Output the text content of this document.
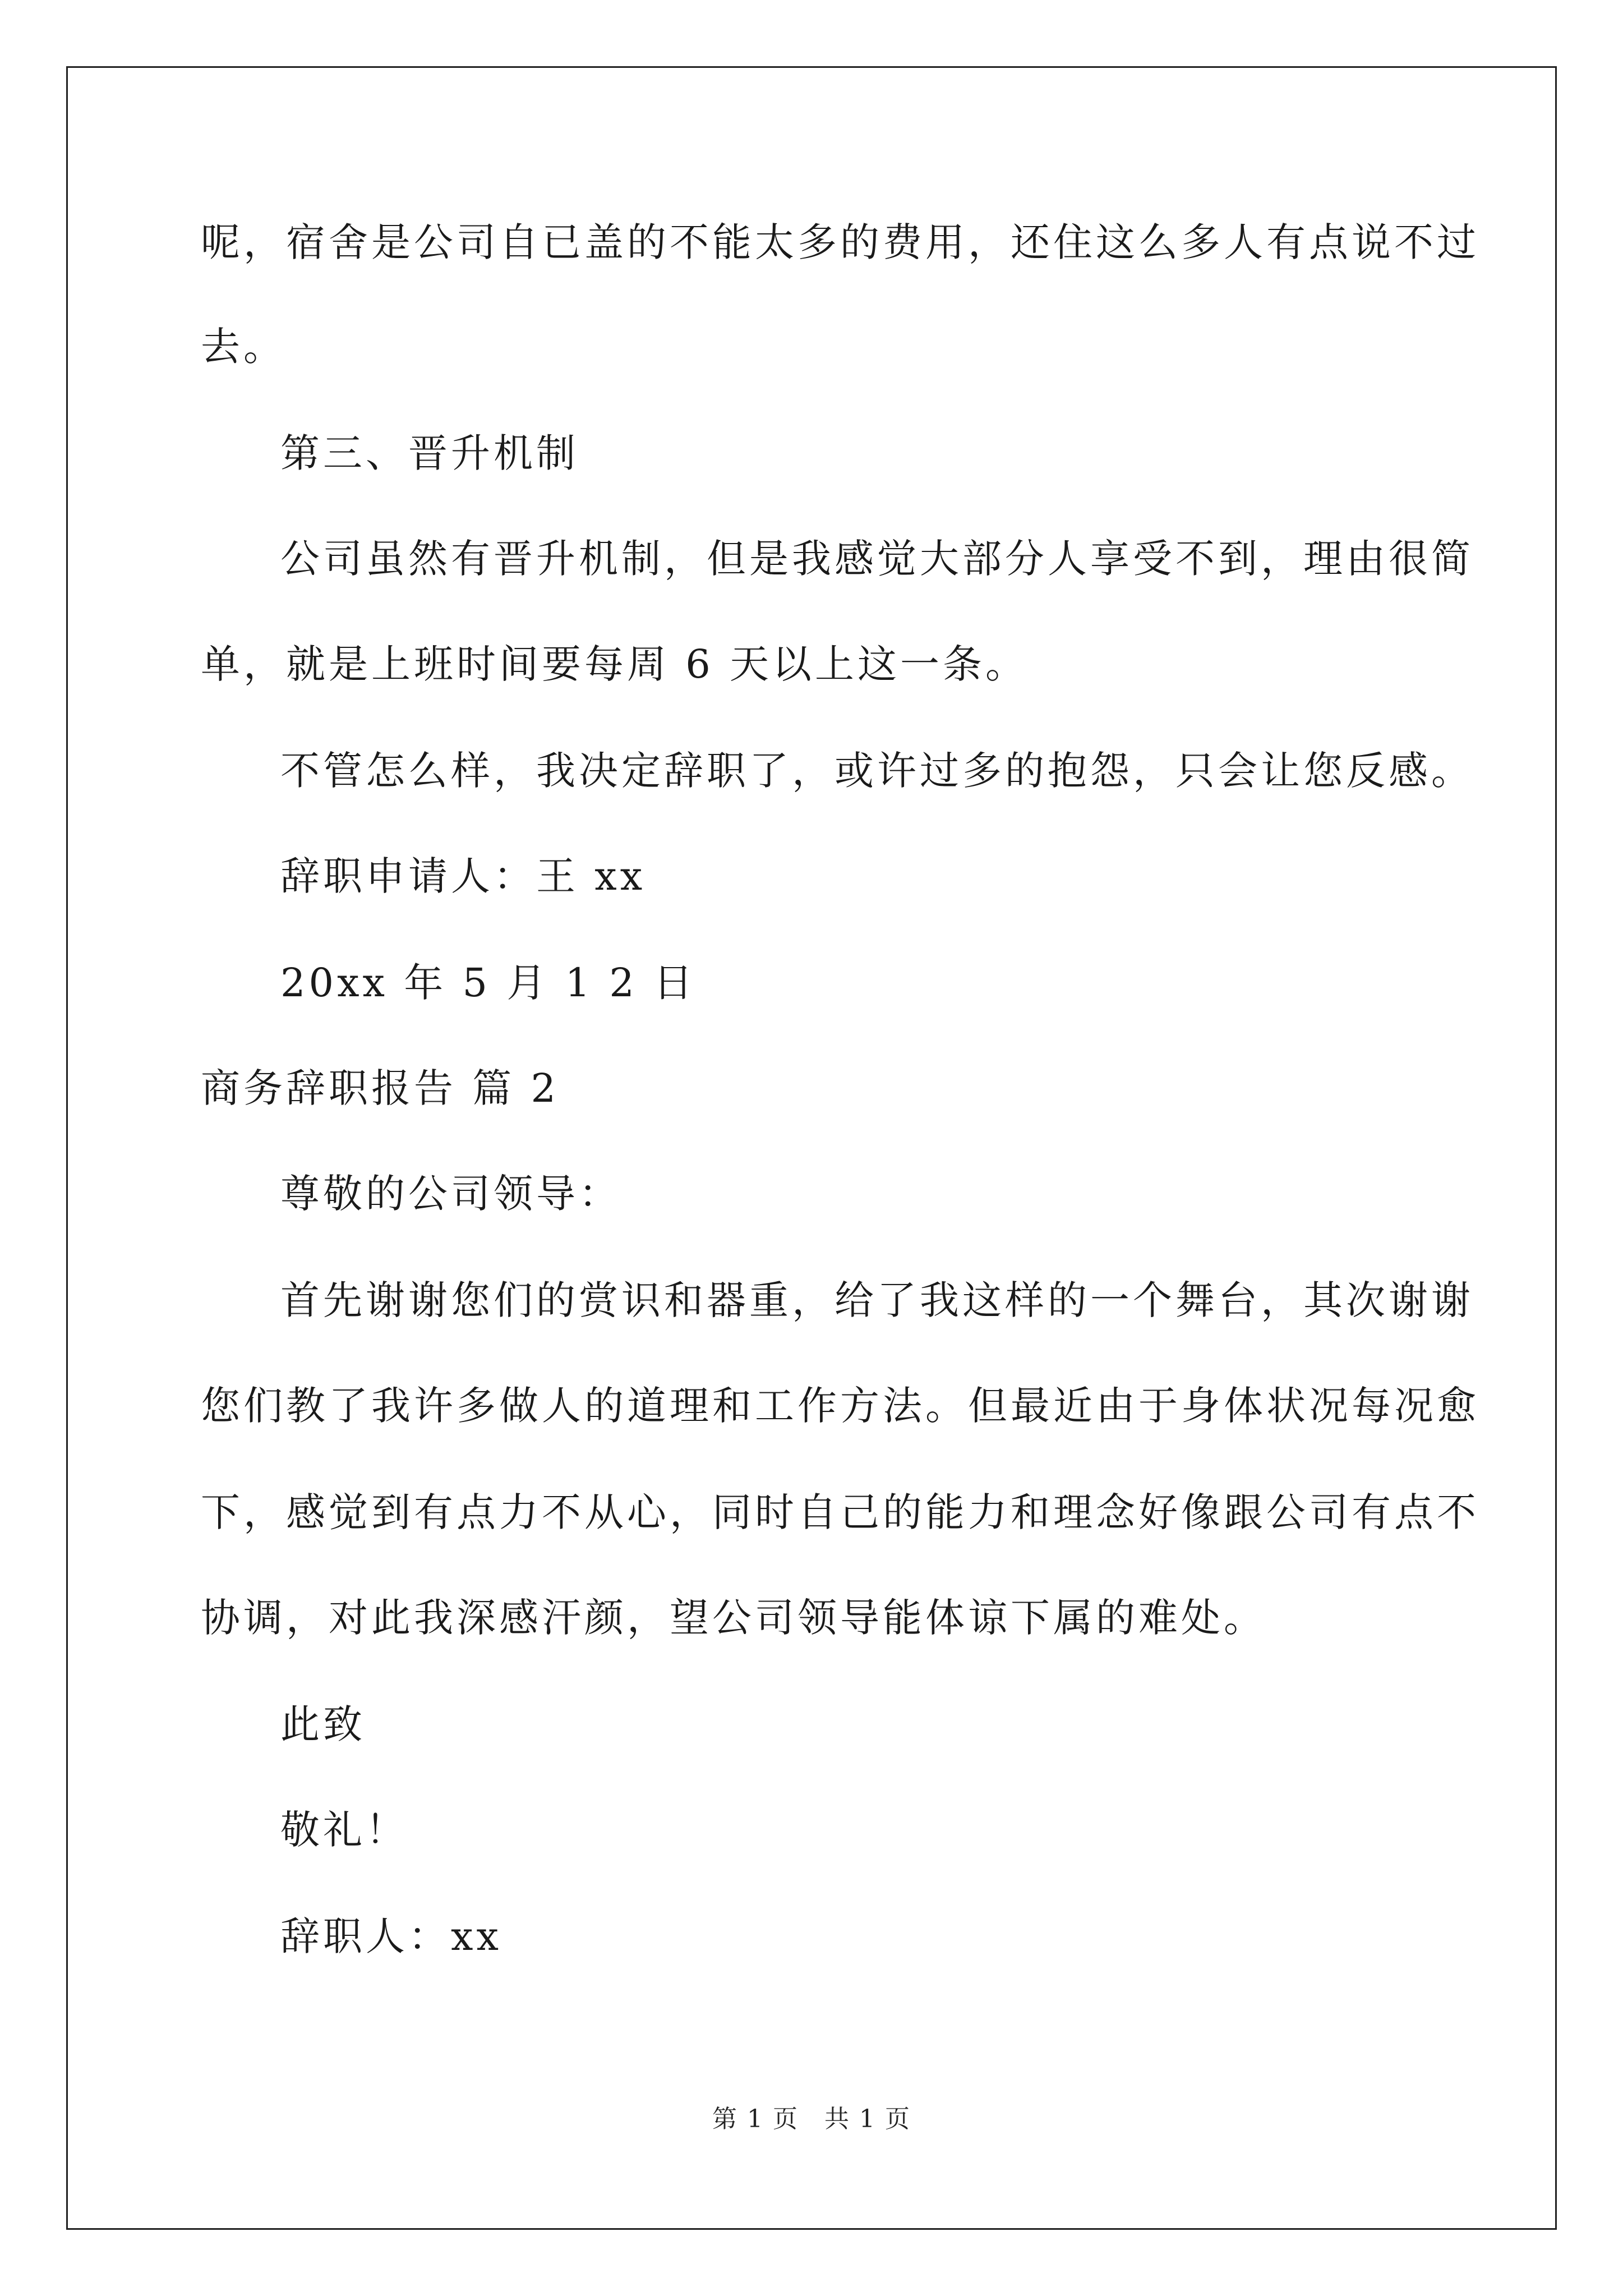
呢，宿舍是公司自已盖的不能太多的费用，还住这么多人有点说不过
去。
第三、晋升机制
公司虽然有晋升机制，但是我感觉大部分人享受不到，理由很简
单，就是上班时间要每周 6 天以上这一条。
不管怎么样，我决定辞职了，或许过多的抱怨，只会让您反感。
辞职申请人：王 xx
20xx 年 5 月 1 2 日
商务辞职报告 篇 2
尊敬的公司领导：
首先谢谢您们的赏识和器重，给了我这样的一个舞台，其次谢谢
您们教了我许多做人的道理和工作方法。但最近由于身体状况每况愈
下，感觉到有点力不从心，同时自己的能力和理念好像跟公司有点不
协调，对此我深感汗颜，望公司领导能体谅下属的难处。
此致
敬礼！
辞职人：xx
第 1 页　共 1 页
